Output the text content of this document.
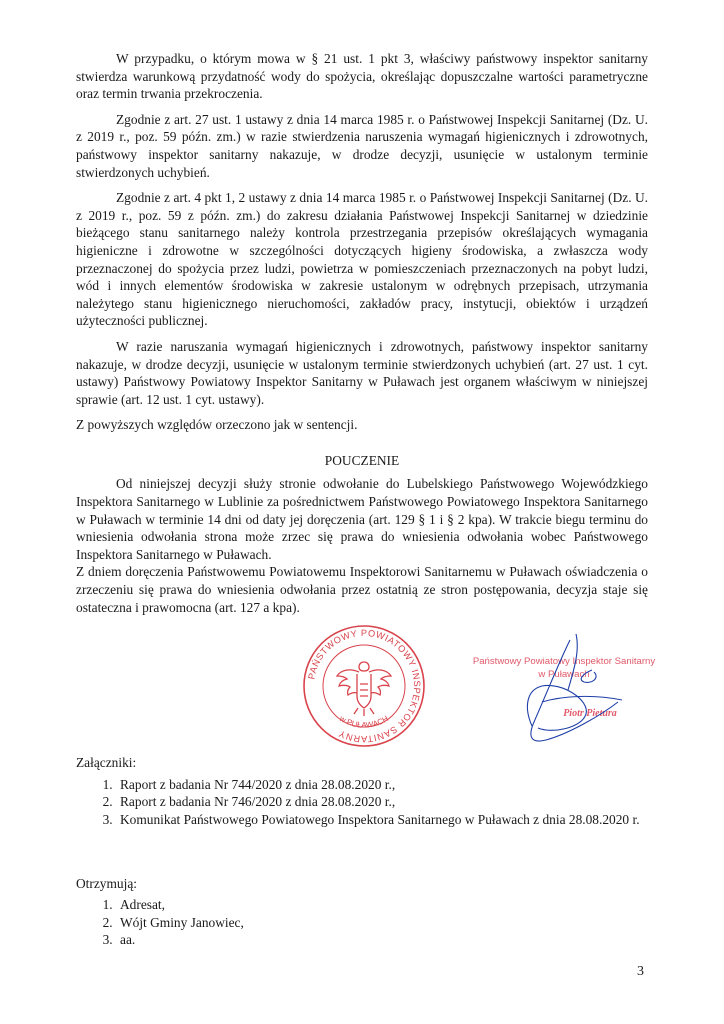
W przypadku, o którym mowa w § 21 ust. 1 pkt 3, właściwy państwowy inspektor sanitarny stwierdza warunkową przydatność wody do spożycia, określając dopuszczalne wartości parametryczne oraz termin trwania przekroczenia.

Zgodnie z art. 27 ust. 1 ustawy z dnia 14 marca 1985 r. o Państwowej Inspekcji Sanitarnej (Dz. U. z 2019 r., poz. 59 późn. zm.) w razie stwierdzenia naruszenia wymagań higienicznych i zdrowotnych, państwowy inspektor sanitarny nakazuje, w drodze decyzji, usunięcie w ustalonym terminie stwierdzonych uchybień.

Zgodnie z art. 4 pkt 1, 2 ustawy z dnia 14 marca 1985 r. o Państwowej Inspekcji Sanitarnej (Dz. U. z 2019 r., poz. 59 z późn. zm.) do zakresu działania Państwowej Inspekcji Sanitarnej w dziedzinie bieżącego stanu sanitarnego należy kontrola przestrzegania przepisów określających wymagania higieniczne i zdrowotne w szczególności dotyczących higieny środowiska, a zwłaszcza wody przeznaczonej do spożycia przez ludzi, powietrza w pomieszczeniach przeznaczonych na pobyt ludzi, wód i innych elementów środowiska w zakresie ustalonym w odrębnych przepisach, utrzymania należytego stanu higienicznego nieruchomości, zakładów pracy, instytucji, obiektów i urządzeń użyteczności publicznej.

W razie naruszania wymagań higienicznych i zdrowotnych, państwowy inspektor sanitarny nakazuje, w drodze decyzji, usunięcie w ustalonym terminie stwierdzonych uchybień (art. 27 ust. 1 cyt. ustawy) Państwowy Powiatowy Inspektor Sanitarny w Puławach jest organem właściwym w niniejszej sprawie (art. 12 ust. 1 cyt. ustawy).

Z powyższych względów orzeczono jak w sentencji.

POUCZENIE

Od niniejszej decyzji służy stronie odwołanie do Lubelskiego Państwowego Wojewódzkiego Inspektora Sanitarnego w Lublinie za pośrednictwem Państwowego Powiatowego Inspektora Sanitarnego w Puławach w terminie 14 dni od daty jej doręczenia (art. 129 § 1 i § 2 kpa). W trakcie biegu terminu do wniesienia odwołania strona może zrzec się prawa do wniesienia odwołania wobec Państwowego Inspektora Sanitarnego w Puławach.

Z dniem doręczenia Państwowemu Powiatowemu Inspektorowi Sanitarnemu w Puławach oświadczenia o zrzeczeniu się prawa do wniesienia odwołania przez ostatnią ze stron postępowania, decyzja staje się ostateczna i prawomocna (art. 127 a kpa).

PAŃSTWOWY POWIATOWY INSPEKTOR SANITARNY
w PUŁAWACH
Państwowy Powiatowy Inspektor Sanitarny
w Puławach
Piotr Pietura
Załączniki:
1. Raport z badania Nr 744/2020 z dnia 28.08.2020 r.,
2. Raport z badania Nr 746/2020 z dnia 28.08.2020 r.,
3. Komunikat Państwowego Powiatowego Inspektora Sanitarnego w Puławach z dnia 28.08.2020 r.
Otrzymują:
1. Adresat,
2. Wójt Gminy Janowiec,
3. aa.
3
